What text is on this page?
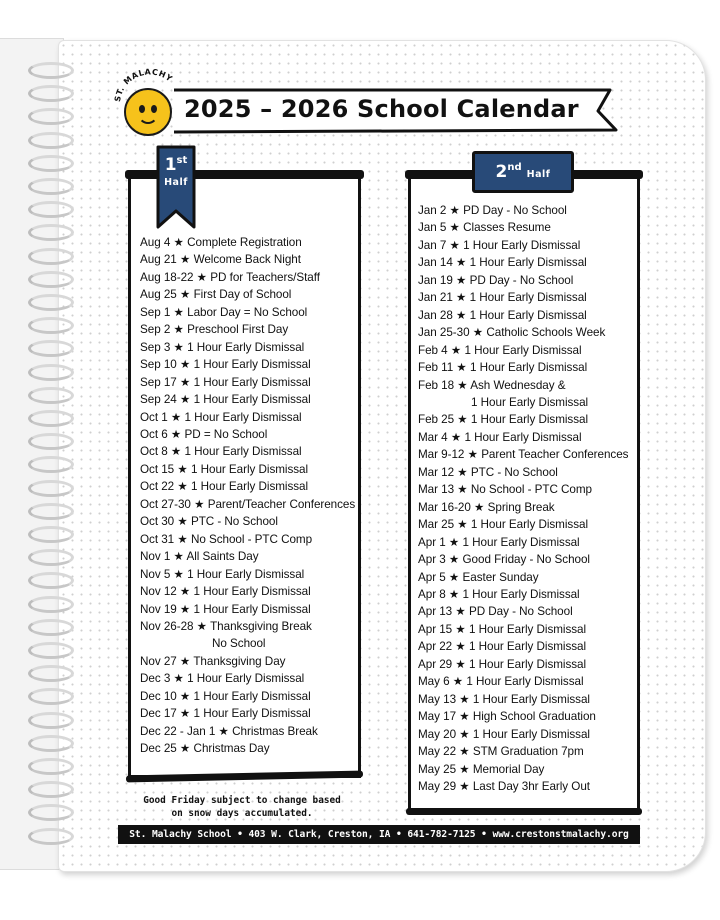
ST. MALACHY
2025 – 2026 School Calendar
1st
Half
Aug 4 ★ Complete Registration
Aug 21 ★ Welcome Back Night
Aug 18-22 ★ PD for Teachers/Staff
Aug 25 ★ First Day of School
Sep 1 ★ Labor Day = No School
Sep 2 ★ Preschool First Day
Sep 3 ★ 1 Hour Early Dismissal
Sep 10 ★ 1 Hour Early Dismissal
Sep 17 ★ 1 Hour Early Dismissal
Sep 24 ★ 1 Hour Early Dismissal
Oct 1 ★ 1 Hour Early Dismissal
Oct 6 ★ PD = No School
Oct 8 ★ 1 Hour Early Dismissal
Oct 15 ★ 1 Hour Early Dismissal
Oct 22 ★ 1 Hour Early Dismissal
Oct 27-30 ★ Parent/Teacher Conferences
Oct 30 ★ PTC - No School
Oct 31 ★ No School - PTC Comp
Nov 1 ★ All Saints Day
Nov 5 ★ 1 Hour Early Dismissal
Nov 12 ★ 1 Hour Early Dismissal
Nov 19 ★ 1 Hour Early Dismissal
Nov 26-28 ★ Thanksgiving Break
No School
Nov 27 ★ Thanksgiving Day
Dec 3 ★ 1 Hour Early Dismissal
Dec 10 ★ 1 Hour Early Dismissal
Dec 17 ★ 1 Hour Early Dismissal
Dec 22 - Jan 1 ★ Christmas Break
Dec 25 ★ Christmas Day
2nd
Half
Jan 2 ★ PD Day - No School
Jan 5 ★ Classes Resume
Jan 7 ★ 1 Hour Early Dismissal
Jan 14 ★ 1 Hour Early Dismissal
Jan 19 ★ PD Day - No School
Jan 21 ★ 1 Hour Early Dismissal
Jan 28 ★ 1 Hour Early Dismissal
Jan 25-30 ★ Catholic Schools Week
Feb 4 ★ 1 Hour Early Dismissal
Feb 11 ★ 1 Hour Early Dismissal
Feb 18 ★ Ash Wednesday &
1 Hour Early Dismissal
Feb 25 ★ 1 Hour Early Dismissal
Mar 4 ★ 1 Hour Early Dismissal
Mar 9-12 ★ Parent Teacher Conferences
Mar 12 ★ PTC - No School
Mar 13 ★ No School - PTC Comp
Mar 16-20 ★ Spring Break
Mar 25 ★ 1 Hour Early Dismissal
Apr 1 ★ 1 Hour Early Dismissal
Apr 3 ★ Good Friday - No School
Apr 5 ★ Easter Sunday
Apr 8 ★ 1 Hour Early Dismissal
Apr 13 ★ PD Day - No School
Apr 15 ★ 1 Hour Early Dismissal
Apr 22 ★ 1 Hour Early Dismissal
Apr 29 ★ 1 Hour Early Dismissal
May 6 ★ 1 Hour Early Dismissal
May 13 ★ 1 Hour Early Dismissal
May 17 ★ High School Graduation
May 20 ★ 1 Hour Early Dismissal
May 22 ★ STM Graduation 7pm
May 25 ★ Memorial Day
May 29 ★ Last Day 3hr Early Out
Good Friday subject to change based
on snow days accumulated.
St. Malachy School • 403 W. Clark, Creston, IA • 641-782-7125 • www.crestonstmalachy.org
